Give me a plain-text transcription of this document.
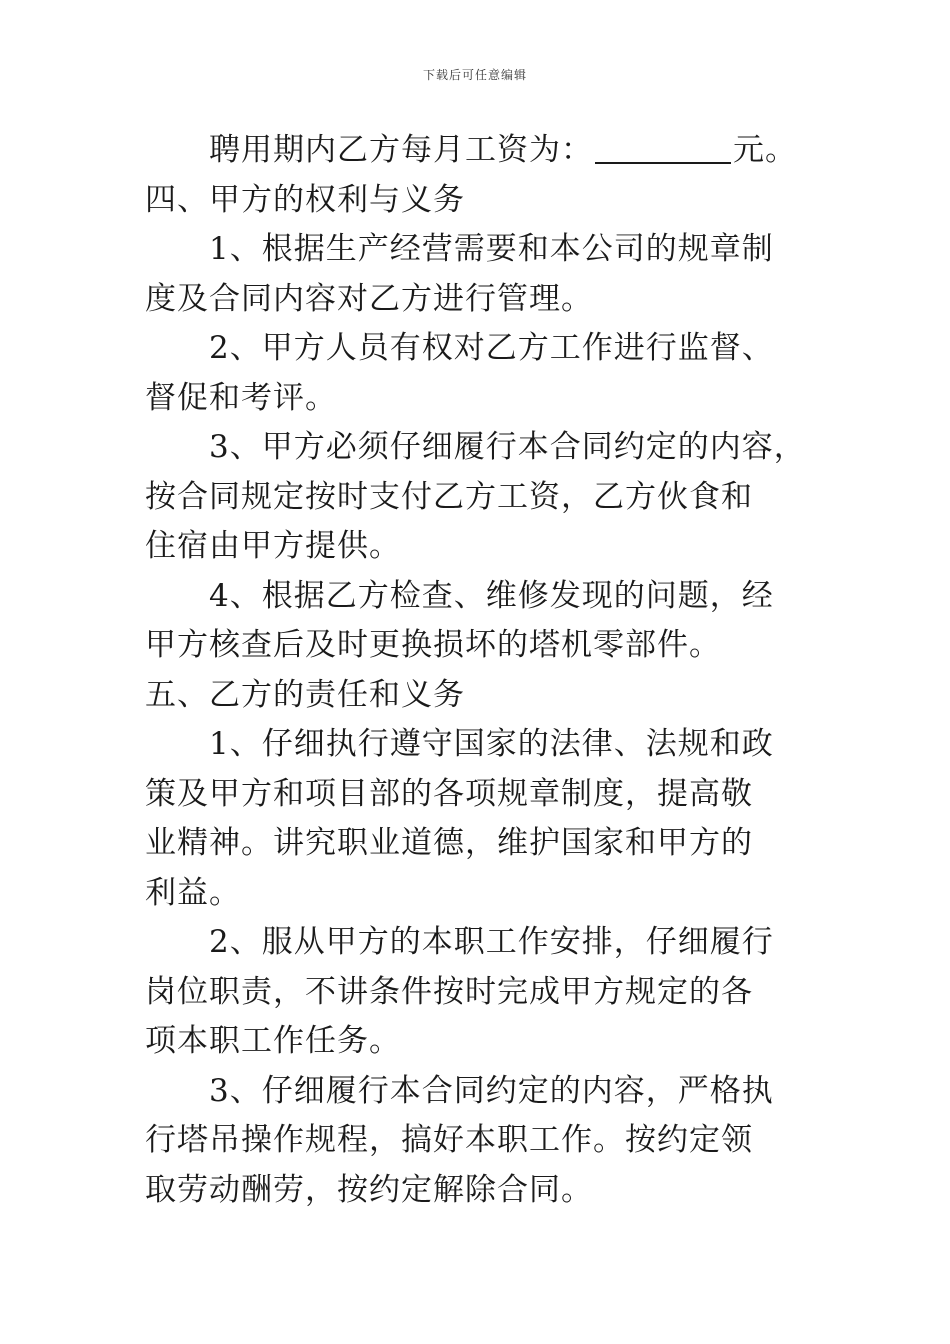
下载后可任意编辑
聘用期内乙方每月工资为：	元。
四、甲方的权利与义务
1、根据生产经营需要和本公司的规章制
度及合同内容对乙方进行管理。
2、甲方人员有权对乙方工作进行监督、
督促和考评。
3、甲方必须仔细履行本合同约定的内容，
按合同规定按时支付乙方工资，乙方伙食和
住宿由甲方提供。
4、根据乙方检查、维修发现的问题，经
甲方核查后及时更换损坏的塔机零部件。
五、乙方的责任和义务
1、仔细执行遵守国家的法律、法规和政
策及甲方和项目部的各项规章制度，提高敬
业精神。讲究职业道德，维护国家和甲方的
利益。
2、服从甲方的本职工作安排，仔细履行
岗位职责，不讲条件按时完成甲方规定的各
项本职工作任务。
3、仔细履行本合同约定的内容，严格执
行塔吊操作规程，搞好本职工作。按约定领
取劳动酬劳，按约定解除合同。
